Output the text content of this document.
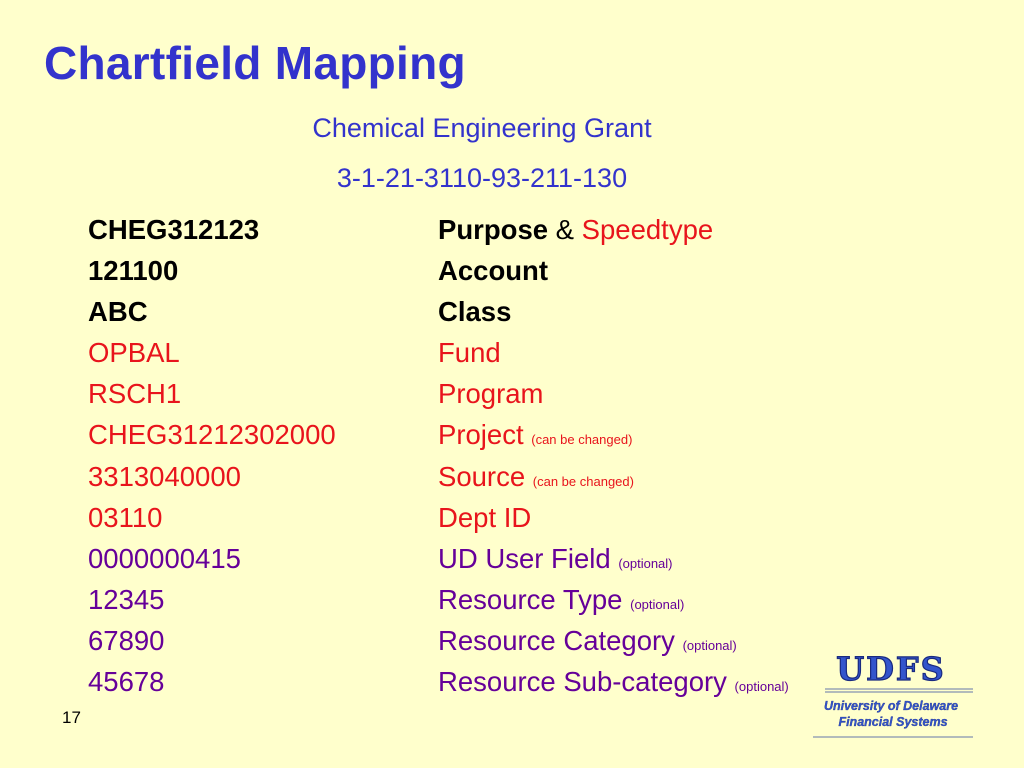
Chartfield Mapping
Chemical Engineering Grant
3-1-21-3110-93-211-130
CHEG312123	Purpose & Speedtype
121100	Account
ABC	Class
OPBAL	Fund
RSCH1	Program
CHEG31212302000	Project (can be changed)
3313040000	Source (can be changed)
03110	Dept ID
0000000415	UD User Field (optional)
12345	Resource Type (optional)
67890	Resource Category (optional)
45678	Resource Sub-category (optional)
17
UDFS
University of Delaware
Financial Systems
